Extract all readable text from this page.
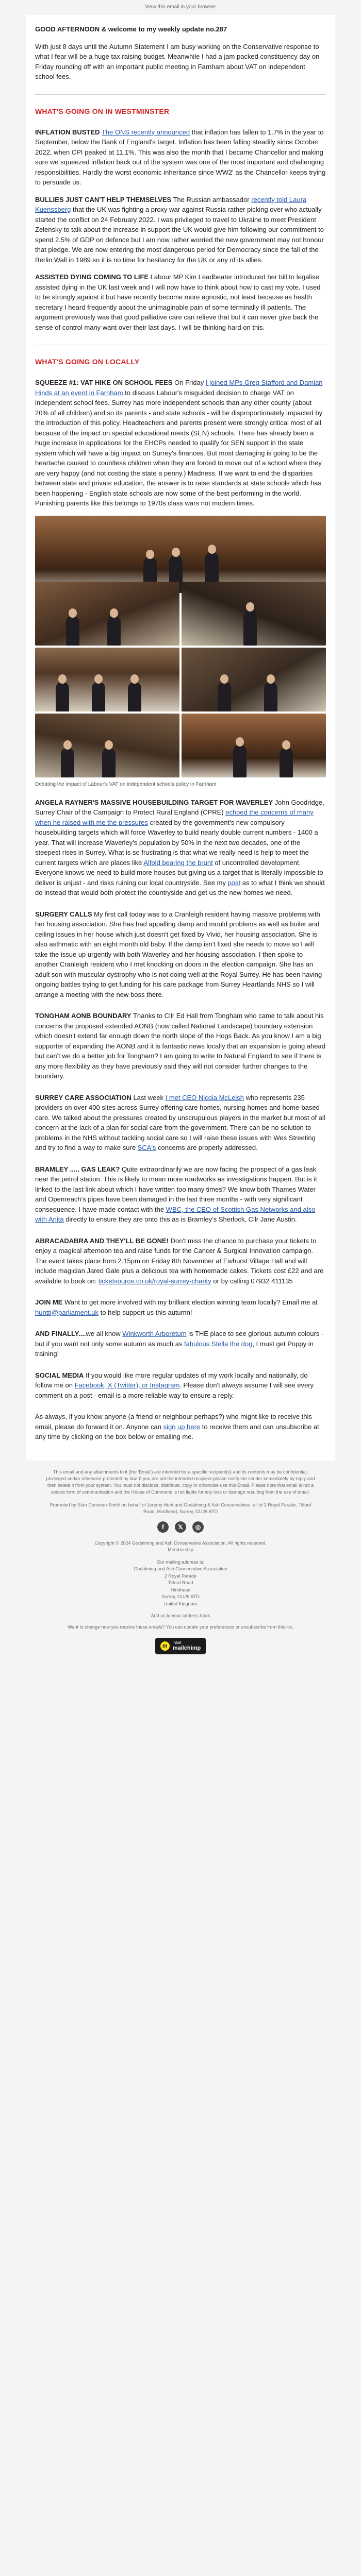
View this email in your browser

GOOD AFTERNOON & welcome to my weekly update no.287

With just 8 days until the Autumn Statement I am busy working on the Conservative response to what I fear will be a huge tax raising budget. Meanwhile I had a jam packed constituency day on Friday rounding off with an important public meeting in Farnham about VAT on independent school fees.

WHAT'S GOING ON IN WESTMINSTER

INFLATION BUSTED The ONS recently announced that inflation has fallen to 1.7% in the year to September, below the Bank of England's target. Inflation has been falling steadily since October 2022, when CPI peaked at 11.1%. This was also the month that I became Chancellor and making sure we squeezed inflation back out of the system was one of the most important and challenging responsibilities. Hardly the worst economic inheritance since WW2' as the Chancellor keeps trying to persuade us.

BULLIES JUST CAN'T HELP THEMSELVES The Russian ambassador recently told Laura Kuenssberg that the UK was fighting a proxy war against Russia rather picking over who actually started the conflict on 24 February 2022. I was privileged to travel to Ukraine to meet President Zelensky to talk about the increase in support the UK would give him following our commitment to spend 2.5% of GDP on defence but I am now rather worried the new government may not honour that pledge. We are now entering the most dangerous period for Democracy since the fall of the Berlin Wall in 1989 so it is no time for hesitancy for the UK or any of its allies.

ASSISTED DYING COMING TO LIFE Labour MP Kim Leadbeater introduced her bill to legalise assisted dying in the UK last week and I will now have to think about how to cast my vote. I used to be strongly against it but have recently become more agnostic, not least because as health secretary I heard frequently about the unimaginable pain of some terminally ill patients. The argument previously was that good palliative care can relieve that but it can never give back the sense of control many want over their last days. I will be thinking hard on this.

WHAT'S GOING ON LOCALLY

SQUEEZE #1: VAT HIKE ON SCHOOL FEES On Friday I joined MPs Greg Stafford and Damian Hinds at an event in Farnham to discuss Labour's misguided decision to charge VAT on independent school fees. Surrey has more independent schools than any other county (about 20% of all children) and so its parents - and state schools - will be disproportionately impacted by the introduction of this policy. Headteachers and parents present were strongly critical most of all because of the impact on special educational needs (SEN) schools. There has already been a huge increase in applications for the EHCPs needed to qualify for SEN support in the state system which will have a big impact on Surrey's finances. But most damaging is going to be the heartache caused to countless children when they are forced to move out of a school where they are very happy (and not costing the state a penny.) Madness. If we want to end the disparities between state and private education, the answer is to raise standards at state schools which has been happening - English state schools are now some of the best performing in the world. Punishing parents like this belongs to 1970s class wars not modern times.

Debating the impact of Labour's VAT on independent schools policy in Farnham

ANGELA RAYNER'S MASSIVE HOUSEBUILDING TARGET FOR WAVERLEY John Goodridge, Surrey Chair of the Campaign to Protect Rural England (CPRE) echoed the concerns of many when he raised with me the pressures created by the government's new compulsory housebuilding targets which will force Waverley to build nearly double current numbers - 1400 a year. That will increase Waverley's population by 50% in the next two decades, one of the steepest rises in Surrey. What is so frustrating is that what we really need is help to meet the current targets which are places like Alfold bearing the brunt of uncontrolled development. Everyone knows we need to build more houses but giving us a target that is literally impossible to deliver is unjust - and risks ruining our local countryside. See my post as to what I think we should do instead that would both protect the countryside and get us the new homes we need.

SURGERY CALLS My first call today was to a Cranleigh resident having massive problems with her housing association. She has had appalling damp and mould problems as well as boiler and ceiling issues in her house which just doesn't get fixed by Vivid, her housing association. She is also asthmatic with an eight month old baby. If the damp isn't fixed she needs to move so I will take the issue up urgently with both Waverley and her housing association. I then spoke to another Cranleigh resident who I met knocking on doors in the election campaign. She has an adult son with muscular dystrophy who is not doing well at the Royal Surrey. He has been having ongoing battles trying to get funding for his care package from Surrey Heartlands NHS so I will arrange a meeting with the new boss there.

TONGHAM AONB BOUNDARY Thanks to Cllr Ed Hall from Tongham who came to talk about his concerns the proposed extended AONB (now called National Landscape) boundary extension which doesn't extend far enough down the north slope of the Hogs Back. As you know I am a big supporter of expanding the AONB and it is fantastic news locally that an expansion is going ahead but can't we do a better job for Tongham? I am going to write to Natural England to see if there is any more flexibility as they have previously said they will not consider further changes to the boundary.

SURREY CARE ASSOCIATION Last week I met CEO Nicola McLeish who represents 235 providers on over 400 sites across Surrey offering care homes, nursing homes and home-based care. We talked about the pressures created by unscrupulous players in the market but most of all concern at the lack of a plan for social care from the government. There can be no solution to problems in the NHS without tackling social care so I will raise these issues with Wes Streeting and try to find a way to make sure SCA's concerns are properly addressed.

BRAMLEY ..... GAS LEAK? Quite extraordinarily we are now facing the prospect of a gas leak near the petrol station. This is likely to mean more roadworks as investigations happen. But is it linked to the last link about which I have written too many times? We know both Thames Water and Openreach's pipes have been damaged in the last three months - with very significant consequence. I have made contact with the WBC, the CEO of Scottish Gas Networks and also with Anita directly to ensure they are onto this as is Bramley's Sherlock, Cllr Jane Austin.

ABRACADABRA AND THEY'LL BE GONE! Don't miss the chance to purchase your tickets to enjoy a magical afternoon tea and raise funds for the Cancer & Surgical Innovation campaign. The event takes place from 2.15pm on Friday 8th November at Ewhurst Village Hall and will include magician Jared Gale plus a delicious tea with homemade cakes. Tickets cost £22 and are available to book on: ticketsource.co.uk/royal-surrey-charity or by calling 07932 411135

JOIN ME Want to get more involved with my brilliant election winning team locally? Email me at hunttj@parliament.uk to help support us this autumn!

AND FINALLY....we all know Winkworth Arboretum is THE place to see glorious autumn colours - but if you want not only some autumn as much as fabulous Stella the dog, I must get Poppy in training!

SOCIAL MEDIA If you would like more regular updates of my work locally and nationally, do follow me on Facebook, X (Twitter), or Instagram. Please don't always assume I will see every comment on a post - email is a more reliable way to ensure a reply.

As always, if you know anyone (a friend or neighbour perhaps?) who might like to receive this email, please do forward it on. Anyone can sign up here to receive them and can unsubscribe at any time by clicking on the box below or emailing me.

This email and any attachments to it (the 'Email') are intended for a specific recipient(s) and its contents may be confidential, privileged and/or otherwise protected by law. If you are not the intended recipient please notify the sender immediately by reply and then delete it from your system. You must not disclose, distribute, copy or otherwise use this Email. Please note that email is not a secure form of communication and the House of Commons is not liable for any loss or damage resulting from the use of email.

Promoted by Stan Donovan-Smith on behalf of Jeremy Hunt and Godalming & Ash Conservatives, all of 2 Royal Parade, Tilford Road, Hindhead, Surrey, GU26 6TD

f	𝕏	◎
Copyright © 2024 Godalming and Ash Conservative Association, All rights reserved.
Membership
Our mailing address is:
Godalming and Ash Conservative Association
2 Royal Parade
Tilford Road
Hindhead
Surrey, GU26 6TD
United Kingdom
Add us to your address book
Want to change how you receive these emails? You can update your preferences or unsubscribe from this list.
m
intuit
mailchimp
